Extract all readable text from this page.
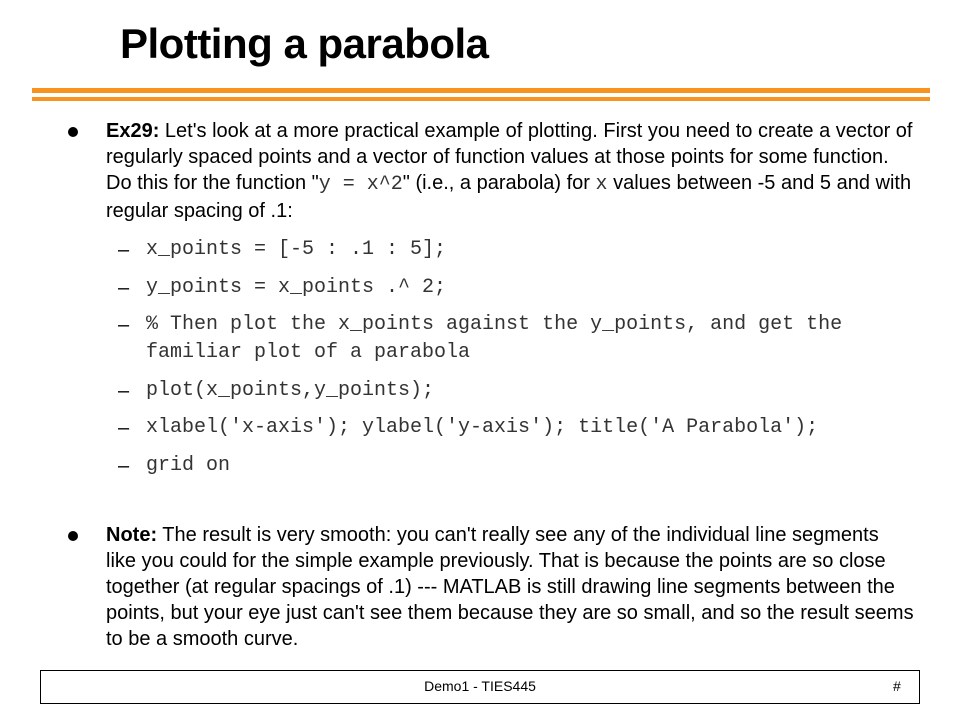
Plotting a parabola

Ex29: Let's look at a more practical example of plotting. First you need to create a vector of regularly spaced points and a vector of function values at those points for some function. Do this for the function "y = x^2" (i.e., a parabola) for x values between -5 and 5 and with regular spacing of .1:

– x_points = [-5 : .1 : 5];
– y_points = x_points .^ 2;
– % Then plot the x_points against the y_points, and get the familiar plot of a parabola
– plot(x_points,y_points);
– xlabel('x-axis'); ylabel('y-axis'); title('A Parabola');
– grid on

Note: The result is very smooth: you can't really see any of the individual line segments like you could for the simple example previously. That is because the points are so close together (at regular spacings of .1) --- MATLAB is still drawing line segments between the points, but your eye just can't see them because they are so small, and so the result seems to be a smooth curve.

Demo1 - TIES445	#
